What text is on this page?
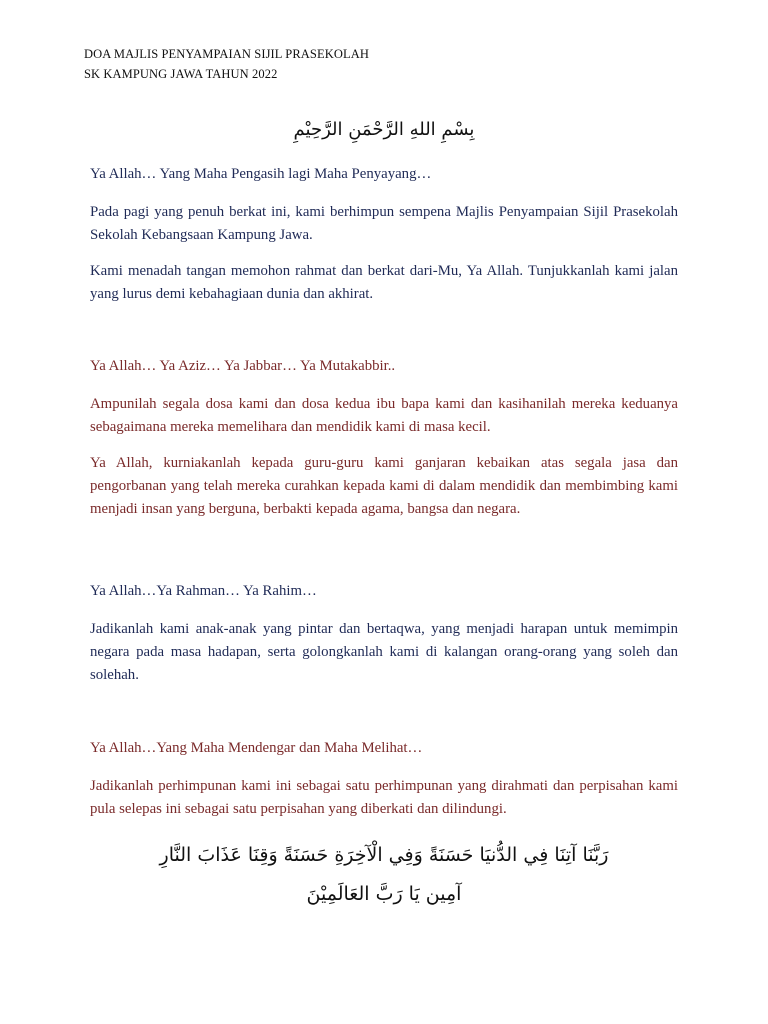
DOA MAJLIS PENYAMPAIAN SIJIL PRASEKOLAH
SK KAMPUNG JAWA TAHUN 2022
بِسْمِ اللهِ الرَّحْمَنِ الرَّحِيْمِ

Ya Allah… Yang Maha Pengasih lagi Maha Penyayang…

Pada pagi yang penuh berkat ini, kami berhimpun sempena Majlis Penyampaian Sijil Prasekolah Sekolah Kebangsaan Kampung Jawa.

Kami menadah tangan memohon rahmat dan berkat dari-Mu, Ya Allah. Tunjukkanlah kami jalan yang lurus demi kebahagiaan dunia dan akhirat.

Ya Allah… Ya Aziz… Ya Jabbar… Ya Mutakabbir..

Ampunilah segala dosa kami dan dosa kedua ibu bapa kami dan kasihanilah mereka keduanya sebagaimana mereka memelihara dan mendidik kami di masa kecil.

Ya Allah, kurniakanlah kepada guru-guru kami ganjaran kebaikan atas segala jasa dan pengorbanan yang telah mereka curahkan kepada kami di dalam mendidik dan membimbing kami menjadi insan yang berguna, berbakti kepada agama, bangsa dan negara.

Ya Allah…Ya Rahman… Ya Rahim…

Jadikanlah kami anak-anak yang pintar dan bertaqwa, yang menjadi harapan untuk memimpin negara pada masa hadapan, serta golongkanlah kami di kalangan orang-orang yang soleh dan solehah.

Ya Allah…Yang Maha Mendengar dan Maha Melihat…

Jadikanlah perhimpunan kami ini sebagai satu perhimpunan yang dirahmati dan perpisahan kami pula selepas ini sebagai satu perpisahan yang diberkati dan dilindungi.

رَبَّنَا آتِنَا فِي الدُّنيَا حَسَنَةً وَفِي الْآخِرَةِ حَسَنَةً وَقِنَا عَذَابَ النَّارِ
آمِين يَا رَبَّ العَالَمِيْنَ
